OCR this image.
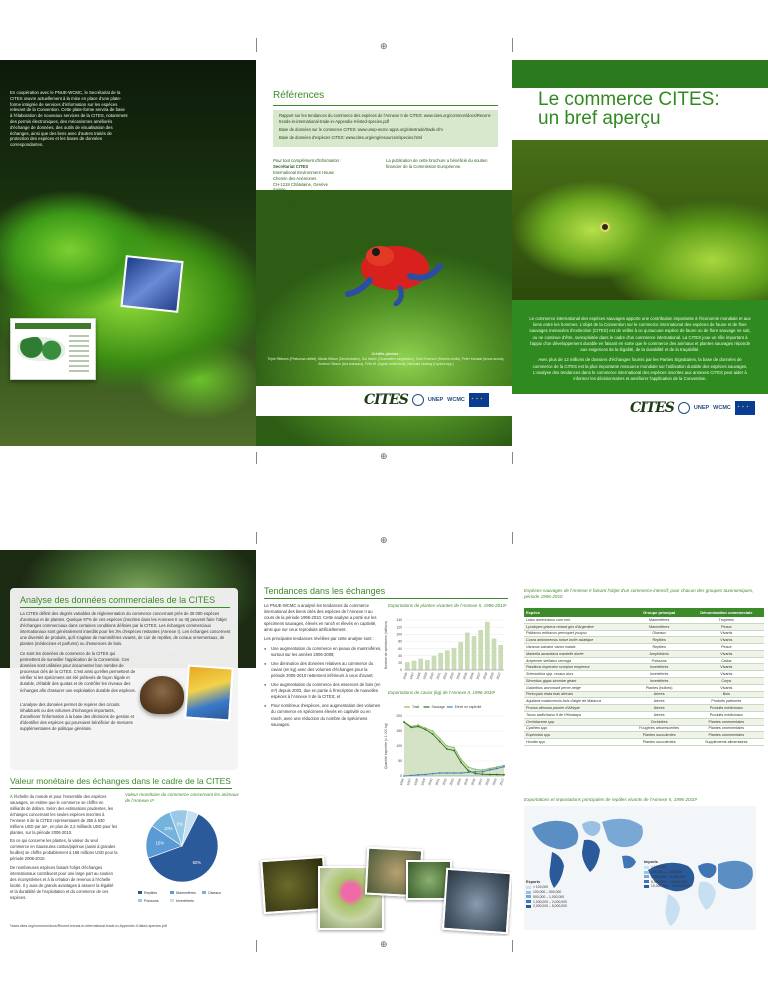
⊕
⊕
⊕
⊕
En coopération avec le PNUE-WCMC, le Secrétariat de la CITES œuvre actuellement à la mise en place d'une plate-forme intégrée de services d'information sur les espèces relevant de la Convention. Cette plate-forme servira de base à l'élaboration de nouveaux services de la CITES, notamment des permis électroniques, des mécanismes améliorés d'échange de données, des outils de visualisation des échanges, ainsi que des liens avec d'autres traités de protection des espèces et les bases de données correspondantes.
Références

Rapport sur les tendances du commerce des espèces de l'Annexe II de CITES: www.cites.org/common/docs/Recent-trends-in-international-trade-in-Appendix-II-listed-species.pdf

Base de données sur le commerce CITES: www.unep-wcmc-apps.org/citestrade/trade.cfm

Base de données d'espèces CITES: www.cites.org/eng/resources/species.html

Pour tout complément d'information :
Secrétariat CITES
International Environment House
Chemin des Anémones
CH-1219 Châtelaine, Genève
Suisse
Tel: +41-(0)22-917-81-39/40
Fax: +41-(0)22-797-34-17
Email: info@cites.org
La publication de cette brochure a bénéficié du soutien financier de la Commission Européenne.
Crédits photos :
Triple Ribbons (Phelsuma rattleii), Nikola Wilson (Dendrobates), Gui Martin (Chamaeleo calyptratus), Todd Emerson (Morelia viridis), Peter Kamaal (Ursus arctos), Andrew Gibson (Ara ararauna), Felix W. (Agave americana), Nicholas Lindsay (Cyclura spp.)
CITES	UNEP WCMC
⋆ ⋆ ⋆
Le commerce CITES:
un bref aperçu

Le commerce international des espèces sauvages apporte une contribution importante à l'économie mondiale et aux liens entre les hommes. L'objet de la Convention sur le commerce international des espèces de faune et de flore sauvages menacées d'extinction (CITES) est de veiller à ce qu'aucune espèce de faune ou de flore sauvage ne soit, ou ne continue d'être, surexploitée dans le cadre d'un commerce international. La CITES joue un rôle important à l'appui d'un développement durable en faisant en sorte que le commerce des animaux et plantes sauvages réponde aux exigences de la légalité, de la durabilité et de la traçabilité.

Avec plus de 12 millions de dossiers d'échanges fournis par les Parties Signataires, la base de données de commerce de la CITES est la plus importante ressource mondiale sur l'utilisation durable des espèces sauvages. L'analyse des tendances dans le commerce international des espèces inscrites aux annexes CITES peut aider à informer les décisionnaires et améliorer l'application de la Convention.

CITES	UNEP WCMC
⋆ ⋆ ⋆
Analyse des données commerciales de la CITES
La CITES définit des degrés variables de réglementation du commerce concernant près de 35 000 espèces d'animaux et de plantes. Quelque 97% de ces espèces (inscrites dans les Annexes II ou III) peuvent faire l'objet d'échanges commerciaux dans certaines conditions définies par la CITES. Les échanges commerciaux internationaux sont généralement interdits pour les 3% d'espèces restantes (Annexe I). Les échanges concernent une diversité de produits, qu'il s'agisse de mammifères vivants, de cuir de reptiles, de coraux ornementaux, de plantes (médecines et parfums) ou d'essences de bois.
Ce sont les données de commerce de la CITES qui permettent de surveiller l'application de la Convention. Ces données sont utilisées pour documenter bon nombre de processus clés de la CITES. C'est ainsi qu'elles permettent de vérifier si les spécimens ont été prélevés de façon légale et durable, d'établir des quotas et de contrôler les niveaux des échanges afin d'assurer une exploitation durable des espèces.
L'analyse des données permet de repérer des circuits inhabituels ou des volumes d'échanges importants, d'améliorer l'information à la base des décisions de gestion et d'identifier des espèces qui pourraient bénéficier de mesures supplémentaires de politique générale.
Valeur monétaire des échanges dans le cadre de la CITES

À l'échelle du monde et pour l'ensemble des espèces sauvages, on estime que le commerce se chiffre en milliards de dollars. Selon des estimations prudentes, les échanges concernant les seules espèces inscrites à l'Annexe II de la CITES représentaient de 355 à 530 millions USD par an¹, en plus de 2,2 milliards USD pour les plantes, sur la période 2006-2010.

En ce qui concerne les plantes, la valeur du seul commerce en Saussurea costus/piprinus (aussi à grandes feuilles) se chiffre probablement à 168 millions USD pour la période 2006-2010.

De nombreuses espèces faisant l'objet d'échanges internationaux contribuent pour une large part au soutien des écosystèmes et à la création de revenus à l'échelle locale. Il y aura de grands avantages à assurer la légalité et la durabilité de l'exploitation et du commerce de ces espèces.

Valeur monétaire du commerce concernant les animaux de l'Annexe II¹
62%
15%
10%
8%
Reptiles	Mammifères	Oiseaux
Poissons	Invertébrés
¹www.cites.org/common/docs/Recent-trends-in-international-trade-in-Appendix-II-listed-species.pdf
Tendances dans les échanges

Le PNUE-WCMC a analysé les tendances du commerce international des biens cités des espèces de l'Annexe II au cours de la période 1996-2010. Cette analyse a porté sur les spécimens sauvages, élevés en ranch et élevés en captivité, ainsi que sur ceux reproduits artificiellement.

Les principales tendances révélées par cette analyse sont :

● Une augmentation du commerce en peaux de mammifères, surtout sur les années 2006-2008;
● Une diminution des données relatives au commerce du caviar (en kg) avec des volumes d'échanges pour la période 2005-2010 nettement inférieurs à ceux d'avant;
● Une augmentation du commerce des essences de bois (en m³) depuis 2003, due en partie à l'inscription de nouvelles espèces à l'Annexe II de la CITES; et
● Pour nombreux d'espèces, une augmentation des volumes du commerce en spécimens élevés en captivité ou en ranch, avec une réduction du nombre de spécimens sauvages.
Exportations de plantes vivantes de l'Annexe II, 1996-2010¹
Nombre de spécimens (millions)
0
20
40
60
80
100
120
140
1996 1997 1998 1999 2000 2001 2002 2003 2004 2005 2006 2007 2008 2009 2010
Exportations de caviar (kg) de l'Annexe II, 1996-2010¹
Total	Sauvage	Elevé en captivité
Quantité exportée (x 1 000 kg)
0
50
100
150
200
1996 1997 1998 1999 2000 2001 2002 2003 2004 2005 2006 2007 2008 2009 2010
Espèces sauvages de l'Annexe II faisant l'objet d'un commerce intensif, pour chacun des groupes taxonomiques, période 1996-2010
Espèce	Groupe principal	Dénomination commerciale
Lotus americanus cum noir	Mammifères	Trophées
Lycalopex griseus renard gris d'Argentine	Mammifères	Peaux
Psittacus erithacus perroquet youyou	Oiseaux	Vivants
Cuora amboinensis tortue boîte asiatique	Reptiles	Vivants
Varanus salvator varan malais	Reptiles	Peaux
Mantella aurantiaca mantelle dorée	Amphibiens	Vivants
Acipenser stellatus sevruga	Poissons	Caviar
Pandinus imperator scorpion empereur	Invertébrés	Vivants
Scleractinia spp. coraux durs	Invertébrés	Vivants
Strombus gigas strombe géant	Invertébrés	Corps
Galanthus woronowii perce-neige	Plantes (bulbes)	Vivants
Pericopsis elata teak africain	Arbres	Bois
Aquilaria malaccensis bois d'aigle de Malacca	Arbres	Produits parfumés
Prunus africana prunier d'Afrique	Arbres	Produits médicinaux
Taxus wallichiana If de l'Himalaya	Arbres	Produits médicinaux
Orchidaceae spp.	Orchidées	Plantes ornementales
Cyathea spp.	Fougères arborescentes	Plantes ornementales
Euphorbia spp.	Plantes succulentes	Plantes ornementales
Hoodia spp.	Plantes succulentes	Suppléments alimentaires
Exportations et importations principales de reptiles vivants de l'Annexe II, 1996-2010¹
Exports
< 100,000
100,000 – 500,000
500,000 – 1,000,000
1,000,000 – 2,000,000
2,000,000 – 5,000,000
Imports
< 100,000
100,000 – 1,000,000
1,000,000 – 5,000,000
5,000,000 – 10,000,000
10,000,000 – 15,000,000
